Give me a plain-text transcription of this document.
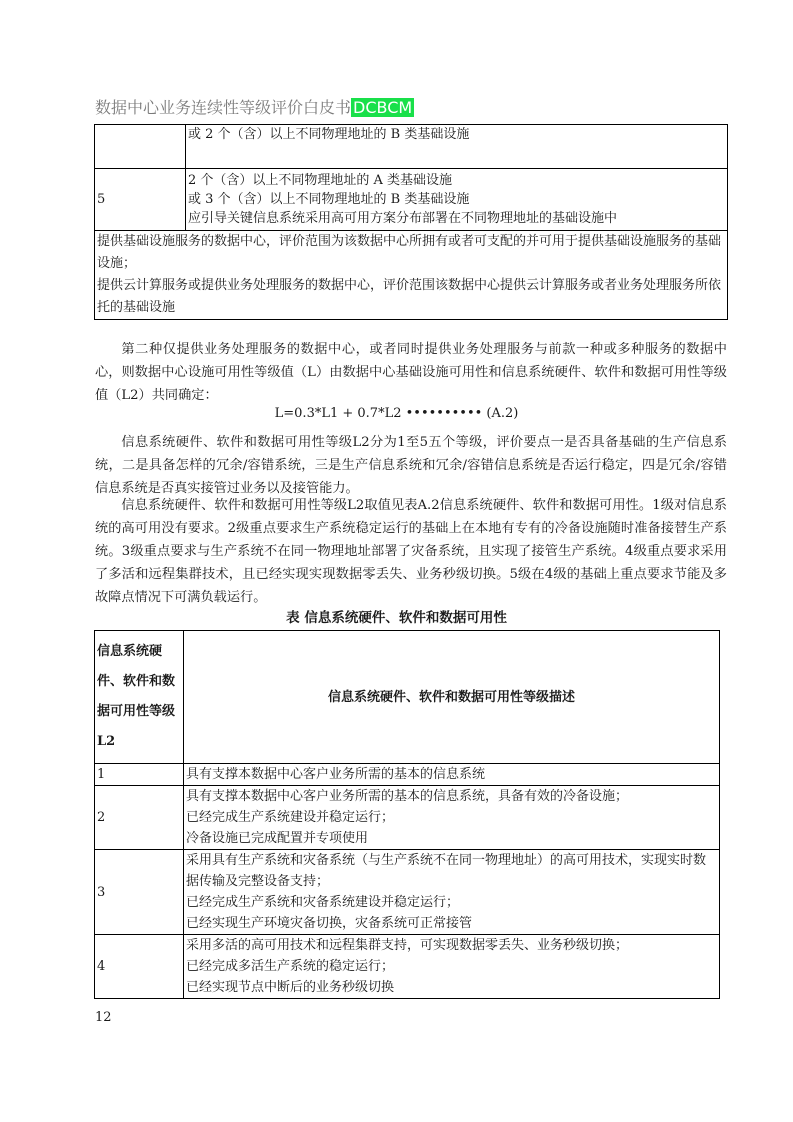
数据中心业务连续性等级评价白皮书 DCBCM

	或 2 个（含）以上不同物理地址的 B 类基础设施

5	2 个（含）以上不同物理地址的 A 类基础设施
或 3 个（含）以上不同物理地址的 B 类基础设施
应引导关键信息系统采用高可用方案分布部署在不同物理地址的基础设施中

提供基础设施服务的数据中心，评价范围为该数据中心所拥有或者可支配的并可用于提供基础设施服务的基础设施；
提供云计算服务或提供业务处理服务的数据中心，评价范围该数据中心提供云计算服务或者业务处理服务所依托的基础设施	
第二种仅提供业务处理服务的数据中心，或者同时提供业务处理服务与前款一种或多种服务的数据中心，则数据中心设施可用性等级值（L）由数据中心基础设施可用性和信息系统硬件、软件和数据可用性等级值（L2）共同确定：
L=0.3*L1 + 0.7*L2 •••••••••• (A.2)
信息系统硬件、软件和数据可用性等级L2分为1至5五个等级，评价要点一是否具备基础的生产信息系统，二是具备怎样的冗余/容错系统，三是生产信息系统和冗余/容错信息系统是否运行稳定，四是冗余/容错信息系统是否真实接管过业务以及接管能力。
信息系统硬件、软件和数据可用性等级L2取值见表A.2信息系统硬件、软件和数据可用性。1级对信息系统的高可用没有要求。2级重点要求生产系统稳定运行的基础上在本地有专有的冷备设施随时准备接替生产系统。3级重点要求与生产系统不在同一物理地址部署了灾备系统，且实现了接管生产系统。4级重点要求采用了多活和远程集群技术，且已经实现实现数据零丢失、业务秒级切换。5级在4级的基础上重点要求节能及多故障点情况下可满负载运行。
表 信息系统硬件、软件和数据可用性
信息系统硬
件、软件和数
据可用性等级
L2	信息系统硬件、软件和数据可用性等级描述
1	具有支撑本数据中心客户业务所需的基本的信息系统

2	具有支撑本数据中心客户业务所需的基本的信息系统，具备有效的冷备设施；
已经完成生产系统建设并稳定运行；
冷备设施已完成配置并专项使用

3	采用具有生产系统和灾备系统（与生产系统不在同一物理地址）的高可用技术，实现实时数据传输及完整设备支持；
已经完成生产系统和灾备系统建设并稳定运行；
已经实现生产环境灾备切换，灾备系统可正常接管

4	采用多活的高可用技术和远程集群支持，可实现数据零丢失、业务秒级切换；
已经完成多活生产系统的稳定运行；
已经实现节点中断后的业务秒级切换
12
